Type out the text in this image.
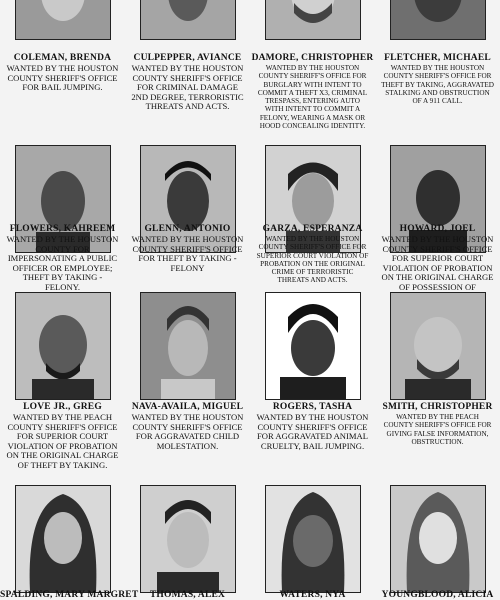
COLEMAN, BRENDA
WANTED BY THE HOUSTON COUNTY SHERIFF'S OFFICE FOR BAIL JUMPING.
CULPEPPER, AVIANCE
WANTED BY THE HOUSTON COUNTY SHERIFF'S OFFICE FOR CRIMINAL DAMAGE 2ND DEGREE, TERRORISTIC THREATS AND ACTS.
DAMORE, CHRISTOPHER
WANTED BY THE HOUSTON COUNTY SHERIFF'S OFFICE FOR BURGLARY WITH INTENT TO COMMIT A THEFT X3, CRIMINAL TRESPASS, ENTERING AUTO WITH INTENT TO COMMIT A FELONY, WEARING A MASK OR HOOD CONCEALING IDENTITY.
FLETCHER, MICHAEL
WANTED BY THE HOUSTON COUNTY SHERIFF'S OFFICE FOR THEFT BY TAKING, AGGRAVATED STALKING AND OBSTRUCTION OF A 911 CALL.
FLOWERS, KAHREEM
WANTED BY THE HOUSTON COUNTY FOR IMPERSONATING A PUBLIC OFFICER OR EMPLOYEE; THEFT BY TAKING - FELONY.
GLENN, ANTONIO
WANTED BY THE HOUSTON COUNTY SHERIFF'S OFFICE FOR THEFT BY TAKING - FELONY
GARZA, ESPERANZA
WANTED BY THE HOUSTON COUNTY SHERIFF'S OFFICE FOR SUPERIOR COURT VIOLATION OF PROBATION ON THE ORIGINAL CRIME OF TERRORISTIC THREATS AND ACTS.
HOWARD, JOEL
WANTED BY THE HOUSTON COUNTY SHERIFF'S OFFICE FOR SUPERIOR COURT VIOLATION OF PROBATION ON THE ORIGINAL CHARGE OF POSSESSION OF
LOVE JR., GREG
WANTED BY THE PEACH COUNTY SHERIFF'S OFFICE FOR SUPERIOR COURT VIOLATION OF PROBATION ON THE ORIGINAL CHARGE OF THEFT BY TAKING.
NAVA-AVAILA, MIGUEL
WANTED BY THE HOUSTON COUNTY SHERIFF'S OFFICE FOR AGGRAVATED CHILD MOLESTATION.
ROGERS, TASHA
WANTED BY THE HOUSTON COUNTY SHERIFF'S OFFICE FOR AGGRAVATED ANIMAL CRUELTY, BAIL JUMPING.
SMITH, CHRISTOPHER
WANTED BY THE PEACH COUNTY SHERIFF'S OFFICE FOR GIVING FALSE INFORMATION, OBSTRUCTION.
SPALDING, MARY MARGRET	THOMAS, ALEX	WATERS, NYA	YOUNGBLOOD, ALICIA
